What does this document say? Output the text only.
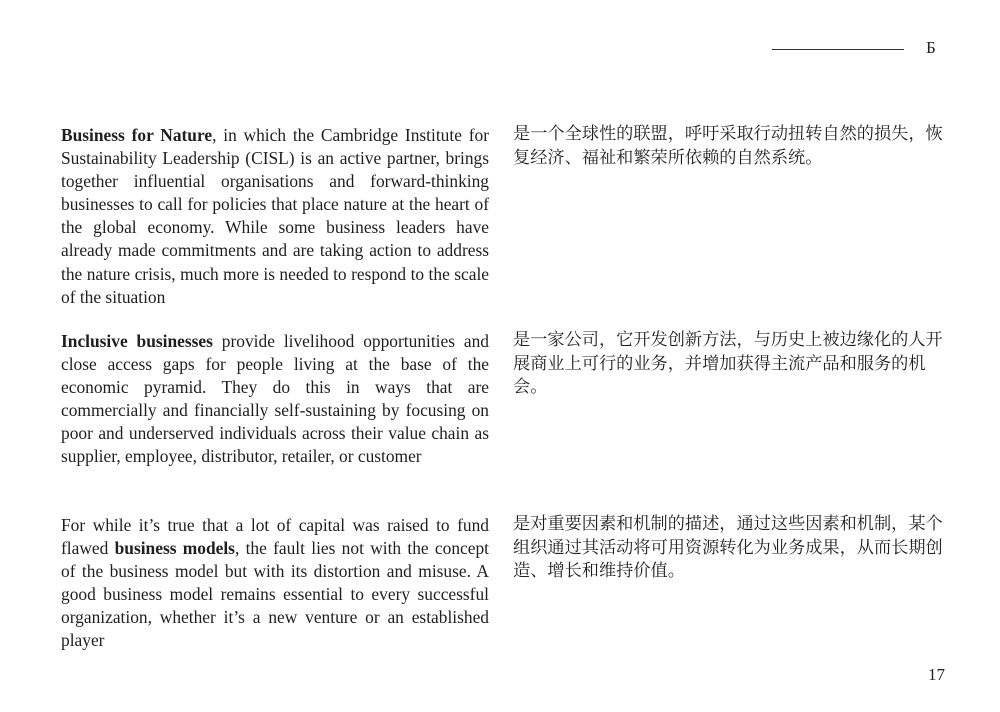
Б

Business for Nature, in which the Cambridge Institute for Sustainability Leadership (CISL) is an active partner, brings together influential organisations and forward-thinking businesses to call for policies that place nature at the heart of the global economy. While some business leaders have already made commitments and are taking action to address the nature crisis, much more is needed to respond to the scale of the situation

是一个全球性的联盟，呼吁采取行动扭转自然的损失，恢复经济、福祉和繁荣所依赖的自然系统。

Inclusive businesses provide livelihood opportunities and close access gaps for people living at the base of the economic pyramid. They do this in ways that are commercially and financially self-sustaining by focusing on poor and underserved individuals across their value chain as supplier, employee, distributor, retailer, or customer

是一家公司，它开发创新方法，与历史上被边缘化的人开展商业上可行的业务，并增加获得主流产品和服务的机会。

For while it’s true that a lot of capital was raised to fund flawed business models, the fault lies not with the concept of the business model but with its distortion and misuse. A good business model remains essential to every successful organization, whether it’s a new venture or an established player

是对重要因素和机制的描述，通过这些因素和机制，某个组织通过其活动将可用资源转化为业务成果，从而长期创造、增长和维持价值。

17
